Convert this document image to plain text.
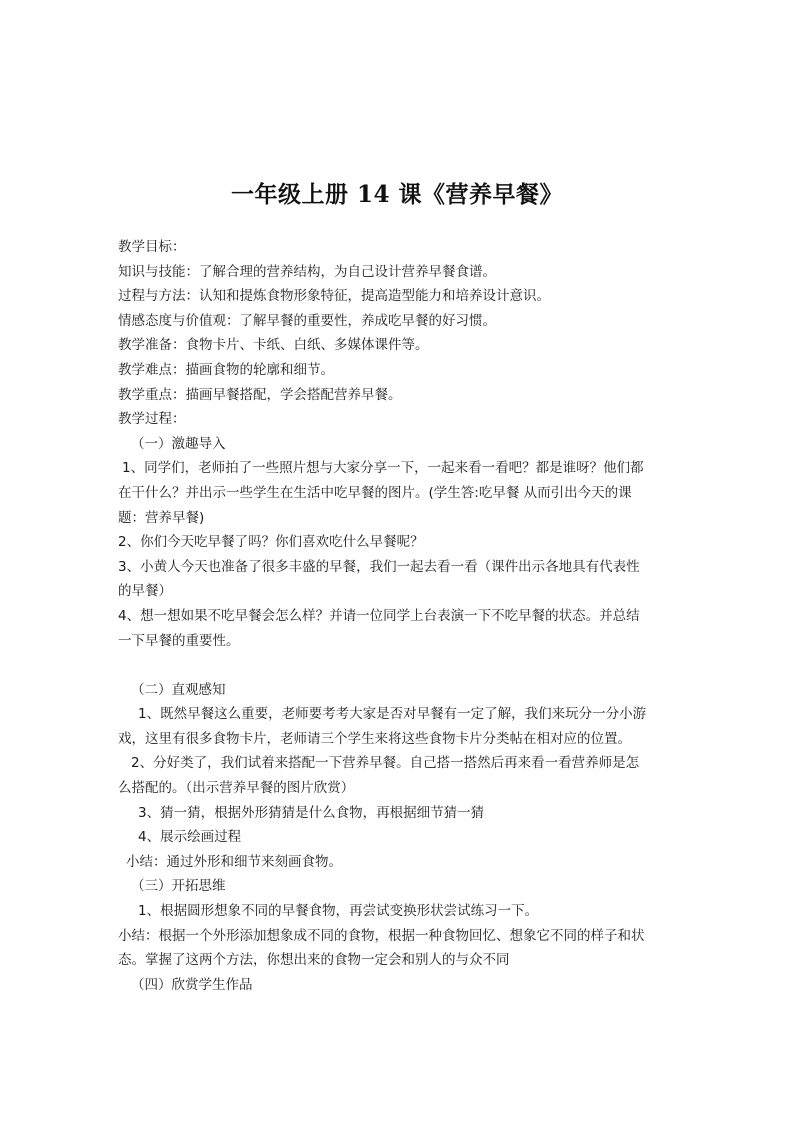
一年级上册 14 课《营养早餐》
教学目标：
知识与技能：了解合理的营养结构，为自己设计营养早餐食谱。
过程与方法：认知和提炼食物形象特征，提高造型能力和培养设计意识。
情感态度与价值观：了解早餐的重要性，养成吃早餐的好习惯。
教学准备：食物卡片、卡纸、白纸、多媒体课件等。
教学难点：描画食物的轮廓和细节。
教学重点：描画早餐搭配，学会搭配营养早餐。
教学过程：
（一）激趣导入
1、同学们，老师拍了一些照片想与大家分享一下，一起来看一看吧？都是谁呀？他们都
在干什么？并出示一些学生在生活中吃早餐的图片。(学生答:吃早餐 从而引出今天的课
题：营养早餐)
2、你们今天吃早餐了吗？你们喜欢吃什么早餐呢？
3、小黄人今天也准备了很多丰盛的早餐，我们一起去看一看（课件出示各地具有代表性
的早餐）
4、想一想如果不吃早餐会怎么样？并请一位同学上台表演一下不吃早餐的状态。并总结
一下早餐的重要性。
（二）直观感知
1、既然早餐这么重要，老师要考考大家是否对早餐有一定了解，我们来玩分一分小游
戏，这里有很多食物卡片，老师请三个学生来将这些食物卡片分类帖在相对应的位置。
2、分好类了，我们试着来搭配一下营养早餐。自己搭一搭然后再来看一看营养师是怎
么搭配的。（出示营养早餐的图片欣赏）
3、猜一猜，根据外形猜猜是什么食物，再根据细节猜一猜
4、展示绘画过程
小结：通过外形和细节来刻画食物。
（三）开拓思维
1、根据圆形想象不同的早餐食物，再尝试变换形状尝试练习一下。
小结：根据一个外形添加想象成不同的食物，根据一种食物回忆、想象它不同的样子和状
态。掌握了这两个方法，你想出来的食物一定会和别人的与众不同
（四）欣赏学生作品
